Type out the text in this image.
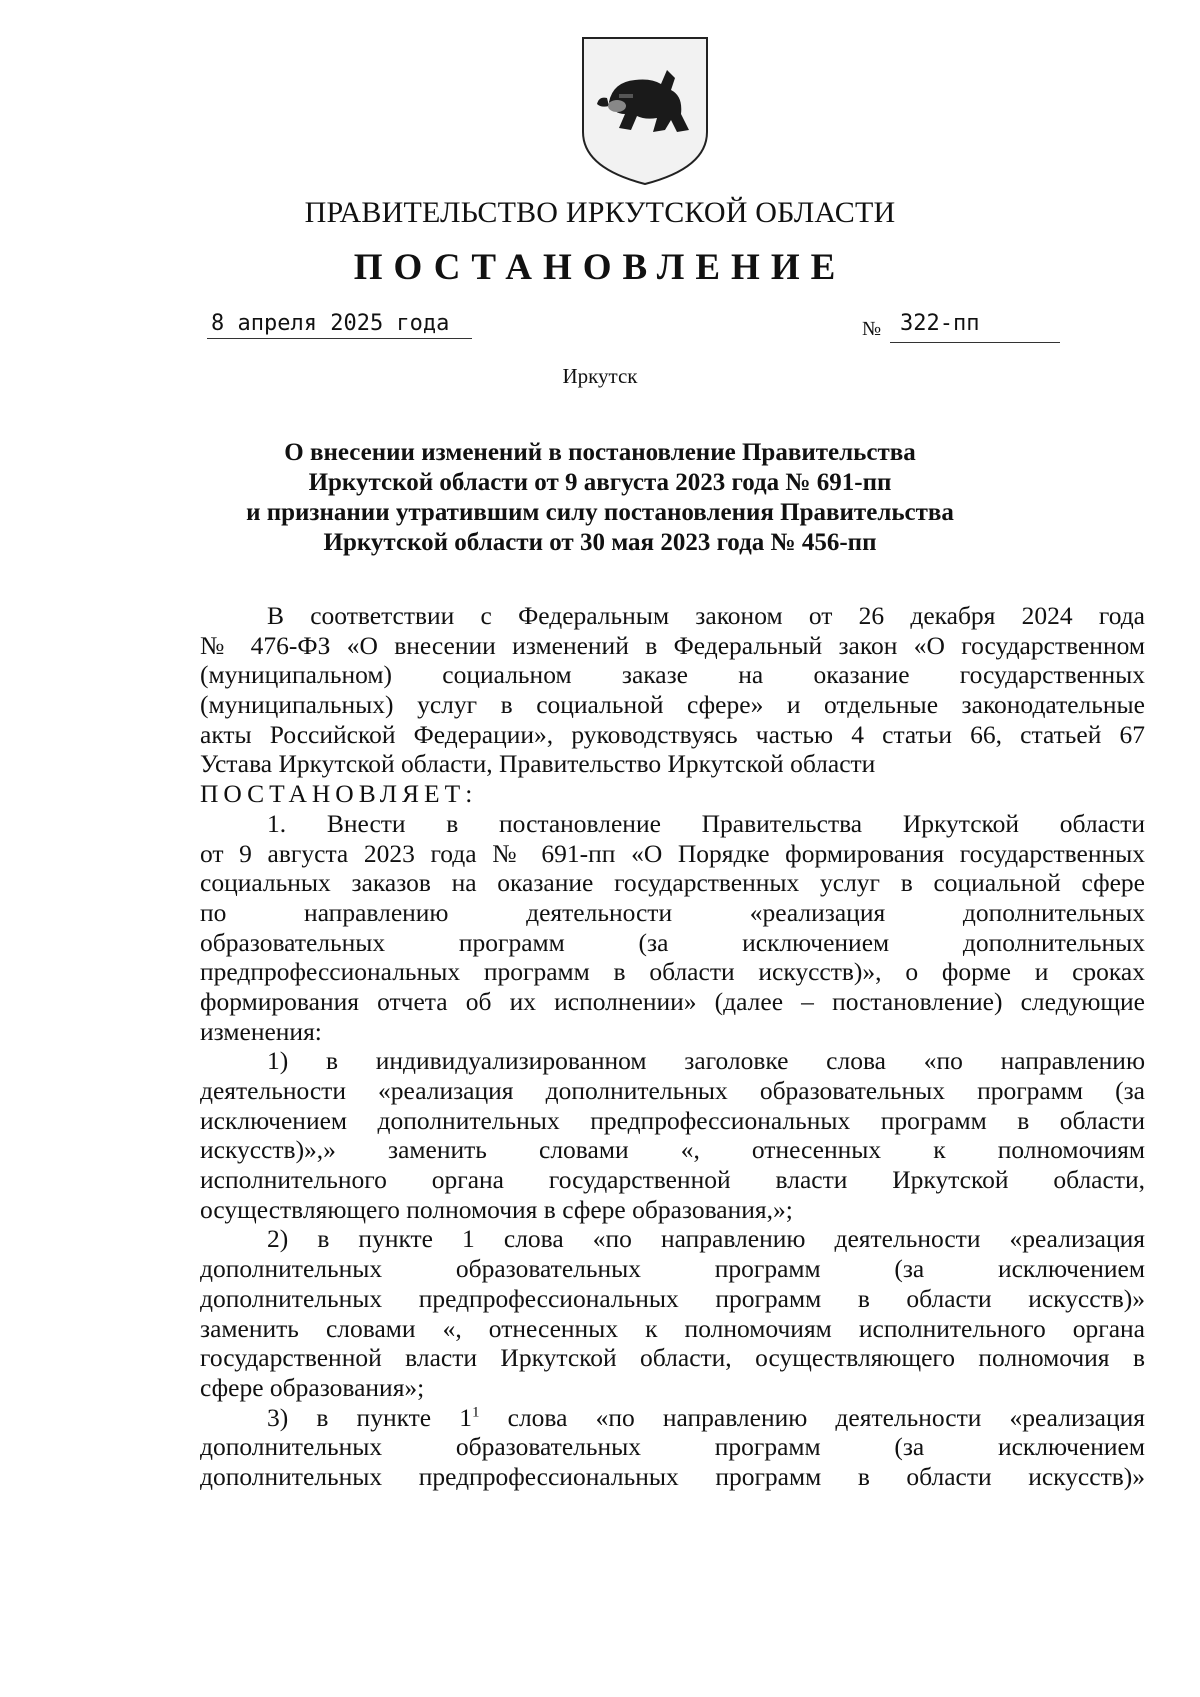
ПРАВИТЕЛЬСТВО ИРКУТСКОЙ ОБЛАСТИ
ПОСТАНОВЛЕНИЕ
8 апреля 2025 года	№ 322-пп
Иркутск
О внесении изменений в постановление Правительства
Иркутской области от 9 августа 2023 года № 691-пп
и признании утратившим силу постановления Правительства
Иркутской области от 30 мая 2023 года № 456-пп
В соответствии с Федеральным законом от 26 декабря 2024 года
№ 476-ФЗ «О внесении изменений в Федеральный закон «О государственном
(муниципальном) социальном заказе на оказание государственных
(муниципальных) услуг в социальной сфере» и отдельные законодательные
акты Российской Федерации», руководствуясь частью 4 статьи 66, статьей 67
Устава Иркутской области, Правительство Иркутской области
ПОСТАНОВЛЯЕТ:
1. Внести в постановление Правительства Иркутской области
от 9 августа 2023 года № 691-пп «О Порядке формирования государственных
социальных заказов на оказание государственных услуг в социальной сфере
по направлению деятельности «реализация дополнительных
образовательных программ (за исключением дополнительных
предпрофессиональных программ в области искусств)», о форме и сроках
формирования отчета об их исполнении» (далее – постановление) следующие
изменения:
1) в индивидуализированном заголовке слова «по направлению
деятельности «реализация дополнительных образовательных программ (за
исключением дополнительных предпрофессиональных программ в области
искусств)»,» заменить словами «, отнесенных к полномочиям
исполнительного органа государственной власти Иркутской области,
осуществляющего полномочия в сфере образования,»;
2) в пункте 1 слова «по направлению деятельности «реализация
дополнительных образовательных программ (за исключением
дополнительных предпрофессиональных программ в области искусств)»
заменить словами «, отнесенных к полномочиям исполнительного органа
государственной власти Иркутской области, осуществляющего полномочия в
сфере образования»;
3) в пункте $1^1$ слова «по направлению деятельности «реализация
дополнительных образовательных программ (за исключением
дополнительных предпрофессиональных программ в области искусств)»
